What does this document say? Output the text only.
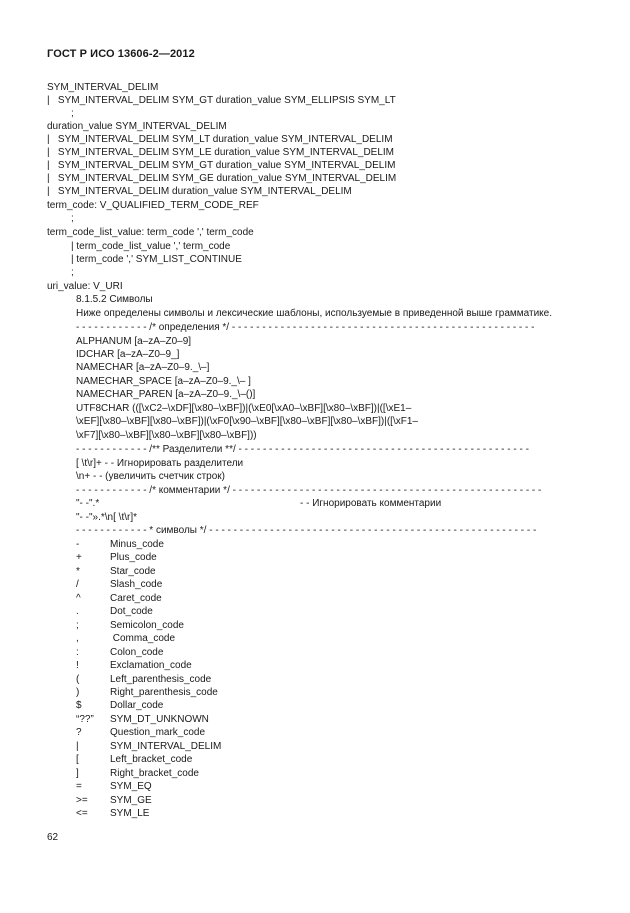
ГОСТ Р ИСО 13606-2—2012
SYM_INTERVAL_DELIM
|   SYM_INTERVAL_DELIM SYM_GT duration_value SYM_ELLIPSIS SYM_LT
;
duration_value SYM_INTERVAL_DELIM
|   SYM_INTERVAL_DELIM SYM_LT duration_value SYM_INTERVAL_DELIM
|   SYM_INTERVAL_DELIM SYM_LE duration_value SYM_INTERVAL_DELIM
|   SYM_INTERVAL_DELIM SYM_GT duration_value SYM_INTERVAL_DELIM
|   SYM_INTERVAL_DELIM SYM_GE duration_value SYM_INTERVAL_DELIM
|   SYM_INTERVAL_DELIM duration_value SYM_INTERVAL_DELIM
term_code: V_QUALIFIED_TERM_CODE_REF
;
term_code_list_value: term_code ',' term_code
| term_code_list_value ',' term_code
| term_code ',' SYM_LIST_CONTINUE
;
uri_value: V_URI
8.1.5.2 Символы
Ниже определены символы и лексические шаблоны, используемые в приведенной выше грамматике.
- - - - - - - - - - - - /* определения */ - - - - - - - - - - - - - - - - - - - - - - - - - - - - - - - - - - - - - - - - - - - - - - - - - -
ALPHANUM [a–zA–Z0–9]
IDCHAR [a–zA–Z0–9_]
NAMECHAR [a–zA–Z0–9._\–]
NAMECHAR_SPACE [a–zA–Z0–9._\– ]
NAMECHAR_PAREN [a–zA–Z0–9._\–()]
UTF8CHAR (([\xC2–\xDF][\x80–\xBF])|(\xE0[\xA0–\xBF][\x80–\xBF])|([\xE1–
\xEF][\x80–\xBF][\x80–\xBF])|(\xF0[\x90–\xBF][\x80–\xBF][\x80–\xBF])|([\xF1–
\xF7][\x80–\xBF][\x80–\xBF][\x80–\xBF]))
- - - - - - - - - - - - /** Разделители **/ - - - - - - - - - - - - - - - - - - - - - - - - - - - - - - - - - - - - - - - - - - - - - - - -
[ \t\r]+ - - Игнорировать разделители
\n+ - - (увеличить счетчик строк)
- - - - - - - - - - - - /* комментарии */ - - - - - - - - - - - - - - - - - - - - - - - - - - - - - - - - - - - - - - - - - - - - - - - - - - -
"- -".*	- - Игнорировать комментарии
"- -"».*\n[ \t\r]*
- - - - - - - - - - - - * символы */ - - - - - - - - - - - - - - - - - - - - - - - - - - - - - - - - - - - - - - - - - - - - - - - - - - - - - -
-	Minus_code
+	Plus_code
*	Star_code
/	Slash_code
^	Caret_code
.	Dot_code
;	Semicolon_code
,	Comma_code
:	Colon_code
!	Exclamation_code
(	Left_parenthesis_code
)	Right_parenthesis_code
$	Dollar_code
“??” SYM_DT_UNKNOWN
?	Question_mark_code
|	SYM_INTERVAL_DELIM
[	Left_bracket_code
]	Right_bracket_code
=	SYM_EQ
>= SYM_GE
<= SYM_LE
62
